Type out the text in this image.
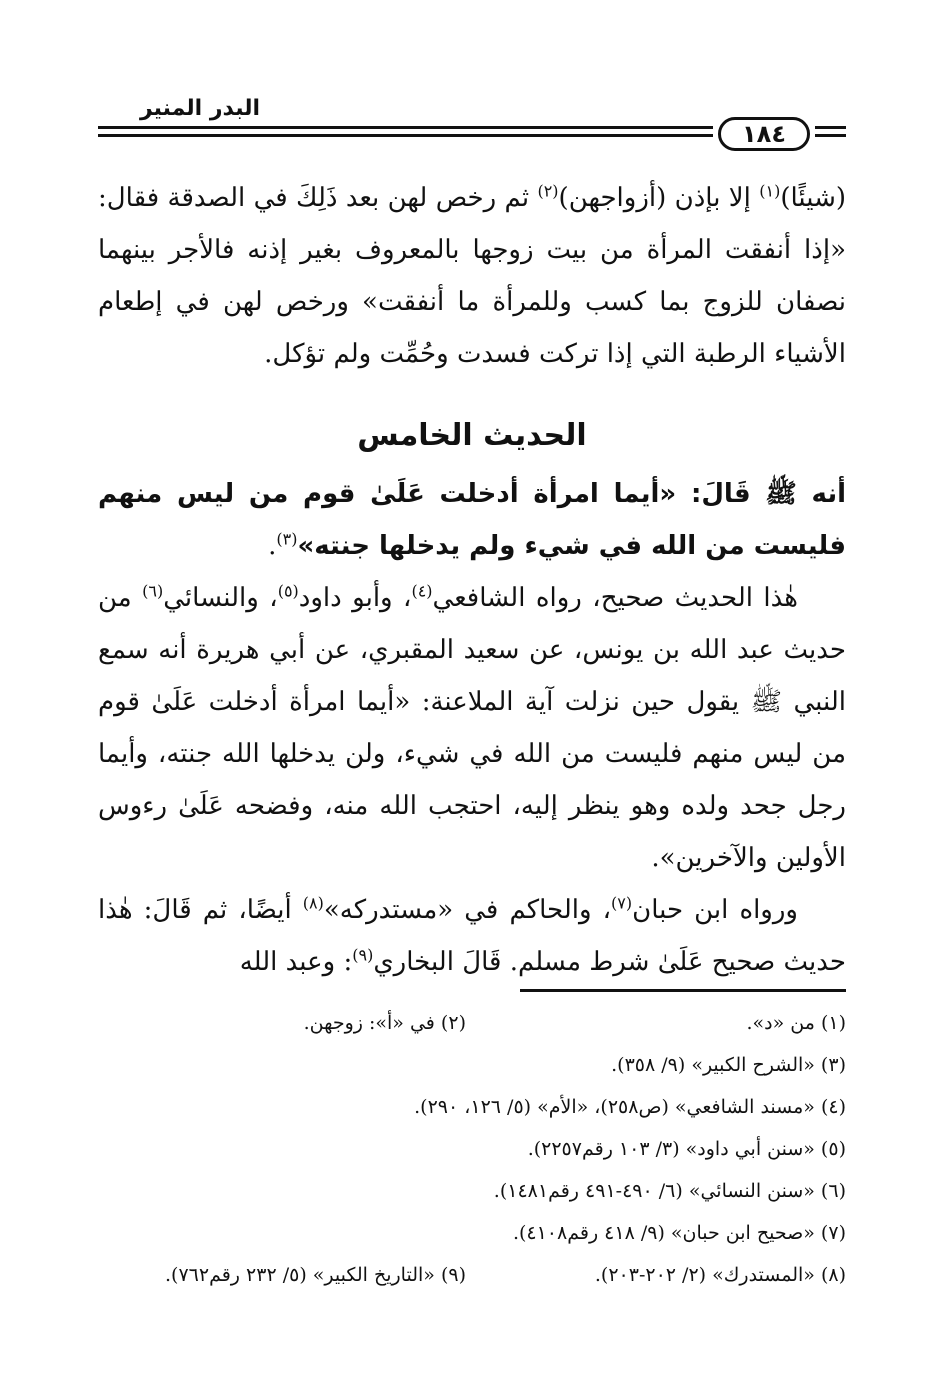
البدر المنير
١٨٤

(شيئًا)$^{(١)}$ إلا بإذن (أزواجهن)$^{(٢)}$ ثم رخص لهن بعد ذَلِكَ في الصدقة فقال: «إذا أنفقت المرأة من بيت زوجها بالمعروف بغير إذنه فالأجر بينهما نصفان للزوج بما كسب وللمرأة ما أنفقت» ورخص لهن في إطعام الأشياء الرطبة التي إذا تركت فسدت وحُمِّت ولم تؤكل.

الحديث الخامس

أنه ﷺ قَالَ: «أيما امرأة أدخلت عَلَىٰ قوم من ليس منهم فليست من الله في شيء ولم يدخلها جنته»$^{(٣)}$.

هٰذا الحديث صحيح، رواه الشافعي$^{(٤)}$، وأبو داود$^{(٥)}$، والنسائي$^{(٦)}$ من حديث عبد الله بن يونس، عن سعيد المقبري، عن أبي هريرة أنه سمع النبي ﷺ يقول حين نزلت آية الملاعنة: «أيما امرأة أدخلت عَلَىٰ قوم من ليس منهم فليست من الله في شيء، ولن يدخلها الله جنته، وأيما رجل جحد ولده وهو ينظر إليه، احتجب الله منه، وفضحه عَلَىٰ رءوس الأولين والآخرين».

ورواه ابن حبان$^{(٧)}$، والحاكم في «مستدركه»$^{(٨)}$ أيضًا، ثم قَالَ: هٰذا حديث صحيح عَلَىٰ شرط مسلم. قَالَ البخاري$^{(٩)}$: وعبد الله

(١) من «د».
(٢) في «أ»: زوجهن.
(٣) «الشرح الكبير» (٩/ ٣٥٨).
(٤) «مسند الشافعي» (ص٢٥٨)، «الأم» (٥/ ١٢٦، ٢٩٠).
(٥) «سنن أبي داود» (٣/ ١٠٣ رقم٢٢٥٧).
(٦) «سنن النسائي» (٦/ ٤٩٠-٤٩١ رقم١٤٨١).
(٧) «صحيح ابن حبان» (٩/ ٤١٨ رقم٤١٠٨).
(٨) «المستدرك» (٢/ ٢٠٢-٢٠٣).
(٩) «التاريخ الكبير» (٥/ ٢٣٢ رقم٧٦٢).
